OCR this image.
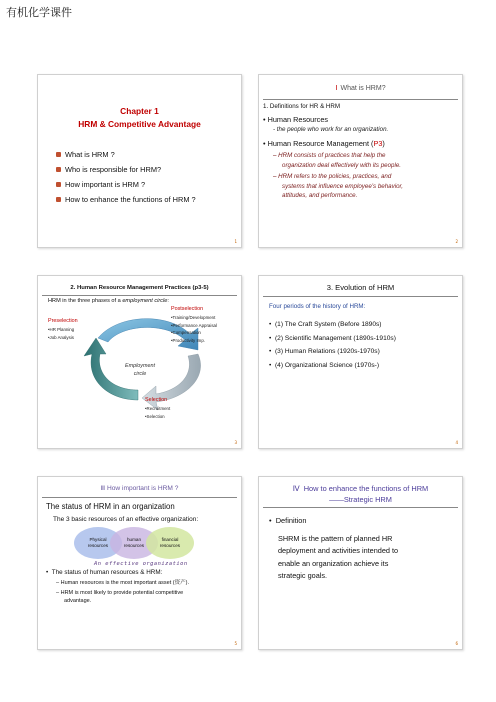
有机化学课件
Chapter 1
HRM & Competitive Advantage
What is HRM ?
Who is responsible for HRM?
How important is HRM ?
How to enhance the functions of HRM ?
1
Ⅰ What is HRM?
1. Definitions for HR & HRM
• Human Resources
- the people who work for an organization.
• Human Resource Management (P3)
– HRM consists of practices that help the
organization deal effectively with its people.
– HRM refers to the policies, practices, and
systems that influence employee’s behavior,
attitudes, and performance.
2
2. Human Resource Management Practices (p3-5)
HRM in the three phases of a employment circle:
Postselection
•Training/Development
•Performance Appraisal
•Compensation
•Productivity Imp.
Preselection
•HR Planning
•Job Analysis
Employment
circle
Selection
•Recruitment
•Selection
3
3. Evolution of HRM
Four periods of the history of HRM:
•  (1) The Craft System (Before 1890s)
•  (2) Scientific Management (1890s-1910s)
•  (3) Human Relations (1920s-1970s)
•  (4) Organizational Science (1970s-)
4
Ⅲ How important is HRM ?
The status of HRM in an organization
The 3 basic resources of an effective organization:
Physical
resources
human
resources
financial
resources
An effective organization
•  The status of human resources & HRM:
– Human resources is the most important asset (资产).
– HRM is most likely to provide potential competitive
advantage.
5
Ⅳ How to enhance the functions of HRM
——Strategic HRM
•  Definition
SHRM is the pattern of planned HR
deployment and activities intended to
enable an organization achieve its
strategic goals.
6
